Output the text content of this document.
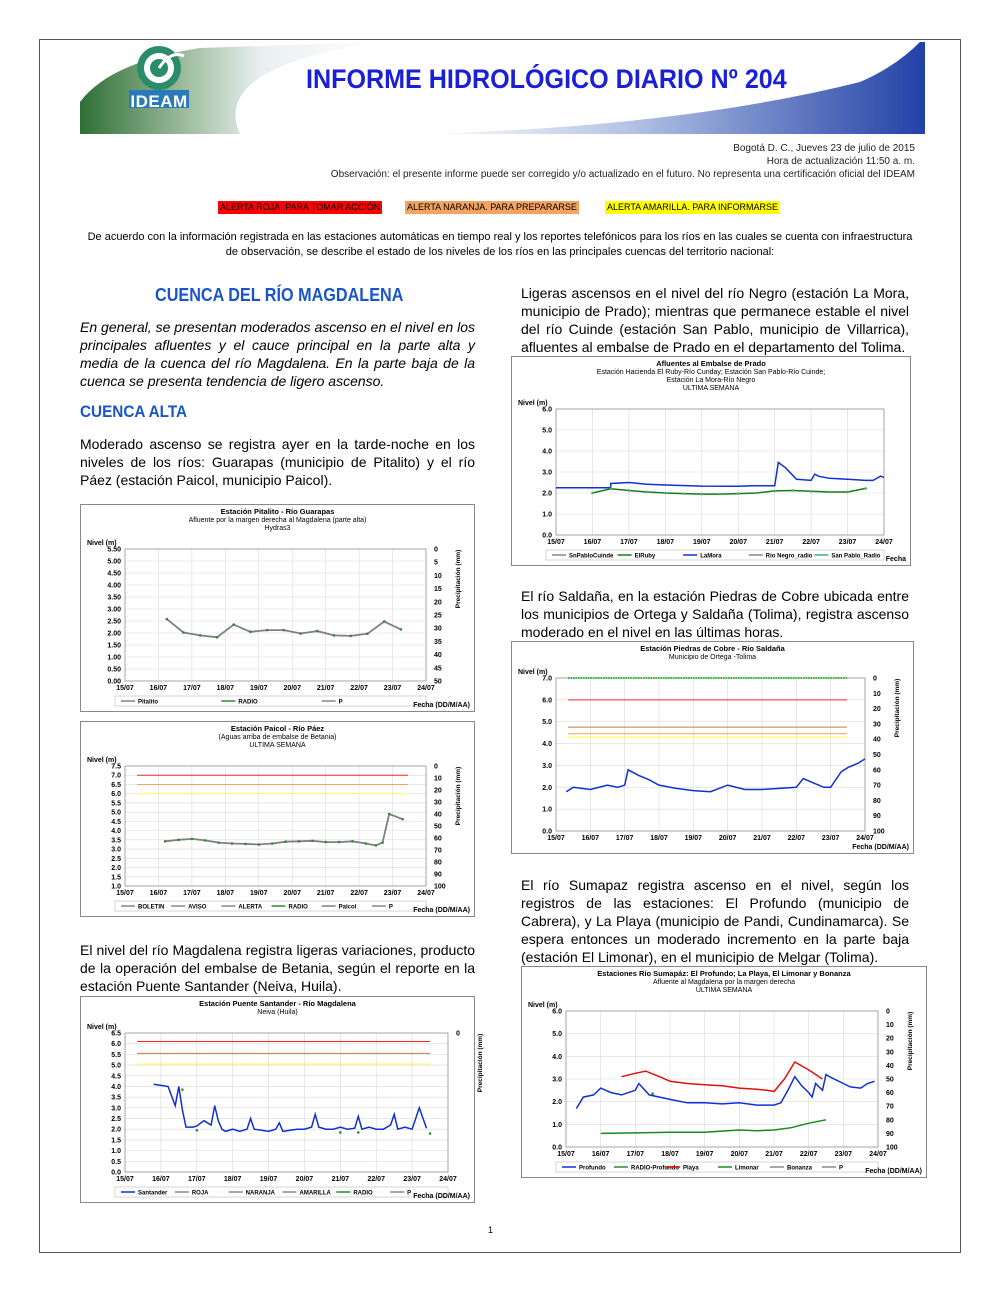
IDEAM
INFORME HIDROLÓGICO DIARIO Nº 204
Bogotá D. C., Jueves 23 de julio de 2015
Hora de actualización 11:50 a. m.
Observación: el presente informe puede ser corregido y/o actualizado en el futuro. No representa una certificación oficial del IDEAM
ALERTA ROJA. PARA TOMAR ACCIÓN	ALERTA NARANJA. PARA PREPARARSE	ALERTA AMARILLA. PARA INFORMARSE
De acuerdo con la información registrada en las estaciones automáticas en tiempo real y los reportes telefónicos para los ríos en las cuales se cuenta con infraestructura de observación, se describe el estado de los niveles de los ríos en las principales cuencas del territorio nacional:
CUENCA DEL RÍO MAGDALENA
En general, se presentan moderados ascenso en el nivel en los principales afluentes y el cauce principal en la parte alta y media de la cuenca del río Magdalena. En la parte baja de la cuenca se presenta tendencia de ligero ascenso.
CUENCA ALTA
Moderado ascenso se registra ayer en la tarde-noche en los niveles de los ríos: Guarapas (municipio de Pitalito) y el río Páez (estación Paicol, municipio Paicol).
Estación Pitalito - Río Guarapas
Afluente por la margen derecha al Magdalena (parte alta)
Hydras3
Nivel (m)
0.00
0.50
1.00
1.50
2.00
2.50
3.00
3.50
4.00
4.50
5.00
5.50
15/07 16/07 17/07 18/07 19/07 20/07 21/07 22/07 23/07 24/07
0
5
10
15
20
25
30
35
40
45
50
Precipitación (mm)
Pitalito	RADIO	P	Fecha (DD/M/AA)
Estación Paicol - Río Páez
(Aguas arriba de embalse de Betania)
ULTIMA SEMANA
Nivel (m)
1.0
1.5
2.0
2.5
3.0
3.5
4.0
4.5
5.0
5.5
6.0
6.5
7.0
7.5
15/07 16/07 17/07 18/07 19/07 20/07 21/07 22/07 23/07 24/07
0
10
20
30
40
50
60
70
80
90
100
Precipitación (mm)
BOLETIN	AVISO	ALERTA	RADIO	Paicol	P	Fecha (DD/M/AA)
El nivel del río Magdalena registra ligeras variaciones, producto de la operación del embalse de Betania, según el reporte en la estación Puente Santander (Neiva, Huila).
Estación Puente Santander - Río Magdalena
Neiva (Huila)
Nivel (m)
0.0
0.5
1.0
1.5
2.0
2.5
3.0
3.5
4.0
4.5
5.0
5.5
6.0
6.5
15/07	16/07	17/07	18/07	19/07	20/07	21/07	22/07	23/07	24/07
0	Precipitación (mm)
Santander	ROJA	NARANJA	AMARILLA	RADIO	P Fecha (DD/M/AA)
Ligeras ascensos en el nivel del río Negro (estación La Mora, municipio de Prado); mientras que permanece estable el nivel del río Cuinde (estación San Pablo, municipio de Villarrica), afluentes al embalse de Prado en el departamento del Tolima.
Afluentes al Embalse de Prado
Estación Hacienda El Ruby-Río Cunday; Estación San Pablo-Río Cuinde;
Estación La Mora-Río Negro
ULTIMA SEMANA
Nivel (m)
0.0
1.0
2.0
3.0
4.0
5.0
6.0
15/07	16/07	17/07	18/07	19/07	20/07	21/07	22/07	23/07	24/07
SnPabloCuinde	ElRuby	LaMora	Rio Negro_radio	San Pablo_Radio Fecha
El río Saldaña, en la estación Piedras de Cobre ubicada entre los municipios de Ortega y Saldaña (Tolima), registra ascenso moderado en el nivel en las últimas horas.
Estación Piedras de Cobre - Río Saldaña
Municipio de Ortega -Tolima
Nivel (m)
0.0
1.0
2.0
3.0
4.0
5.0
6.0
7.0
15/07 16/07 17/07 18/07 19/07 20/07 21/07 22/07 23/07 24/07
0
10
20
30
40
50
60
70
80
90
100
Precipitación (mm)
Fecha (DD/M/AA)
El río Sumapaz registra ascenso en el nivel, según los registros de las estaciones: El Profundo (municipio de Cabrera), y La Playa (municipio de Pandi, Cundinamarca). Se espera entonces un moderado incremento en la parte baja (estación El Limonar), en el municipio de Melgar (Tolima).
Estaciones Río Sumapáz: El Profundo; La Playa, El Limonar y Bonanza
Afluente al Magdalena por la margen derecha
ULTIMA SEMANA
Nivel (m)
0.0
1.0
2.0
3.0
4.0
5.0
6.0
15/07 16/07 17/07 18/07 19/07 20/07 21/07 22/07 23/07 24/07
0
10
20
30
40
50
60
70
80
90
100
Precipitación (mm)
Profundo	RADIO-Profundo Playa	Limonar	Bonanza	P	Fecha (DD/M/AA)
1
